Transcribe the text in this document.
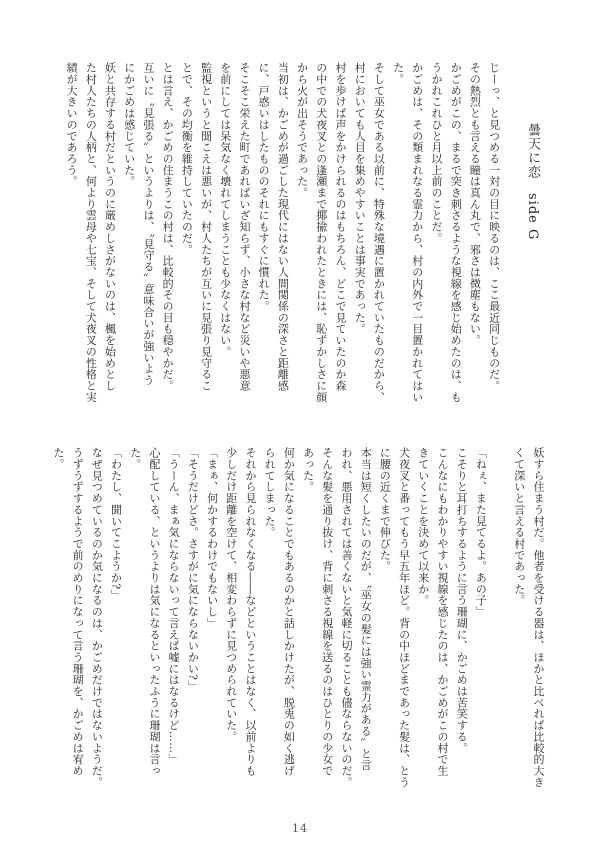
曇天に恋　side G
じーっ、と見つめる一対の目に映るのは、ここ最近同じものだ。
その熱烈とも言える瞳は真ん丸で、邪さは微塵もない。
かごめがこの、まるで突き刺さるような視線を感じ始めたのは、も
うかれこれひと月以上前のことだ。
かごめは、その類まれなる霊力から、村の内外で一目置かれてはい
た。
そして巫女である以前に、特殊な境遇に置かれていたものだから、
村においても人目を集めやすいことは事実であった。
村を歩けば声をかけられるのはもちろん、どこで見ていたのか森
の中での犬夜叉との逢瀬まで揶揄われたときには、恥ずかしさに顔
から火が出そうであった。
当初は、かごめが過ごした現代にはない人間関係の深さと距離感
に、戸惑いはしたもののそれにもすぐに慣れた。
そこそこ栄えた町であればいざ知らず、小さな村など災いや悪意
を前にしては呆気なく壊れてしまうことも少なくはない。
監視というと聞こえは悪いが、村人たちが互いに見張り見守るこ
とで、その均衡を維持していたのだ。
とは言え、かごめの住まうこの村は、比較的その目も穏やかだ。
互いに〝見張る〟というよりは、〝見守る〟意味合いが強いよう
にかごめは感じていた。
妖と共存する村だというのに厳めしさがないのは、楓を始めとし
た村人たちの人柄と、何より雲母や七宝、そして犬夜叉の性格と実
績が大きいのであろう。
妖すら住まう村だ。他者を受ける器は、ほかと比べれば比較的大き
くて深いと言える村であった。
「ねぇ、また見てるよ。あの子」
こそりと耳打ちするように言う珊瑚に、かごめは苦笑する。
こんなにもわかりやすい視線を感じたのは、かごめがこの村で生
きていくことを決めて以来か。
犬夜叉と番ってもう早五年ほど。背の中ほどまであった髪は、とう
に腰の近くまで伸びた。
本当は短くしたいのだが、〝巫女の髪には強い霊力がある〟と言
われ、悪用されては善くないと気軽に切ることも儘ならないのだ。
そんな髪を通り抜け、背に刺さる視線を送るのはひとりの少女で
あった。
何か気になることでもあるのかと話しかけたが、脱兎の如く逃げ
られてしまった。
それから見られなくなる――などということはなく、以前よりも
少しだけ距離を空けて、相変わらずに見つめられていた。
「まぁ、何かするわけでもないし」
「そうだけどさ。さすがに気にならないかい?」
「うーん、まぁ気にならないって言えば嘘にはなるけど……」
心配している、というよりは気になるといったふうに珊瑚は言っ
た。
「わたし、聞いてこようか?」
なぜ見つめているのか気になるのは、かごめだけではないようだ。
うずうずするようで前のめりになって言う珊瑚を、かごめは宥め
た。
14
